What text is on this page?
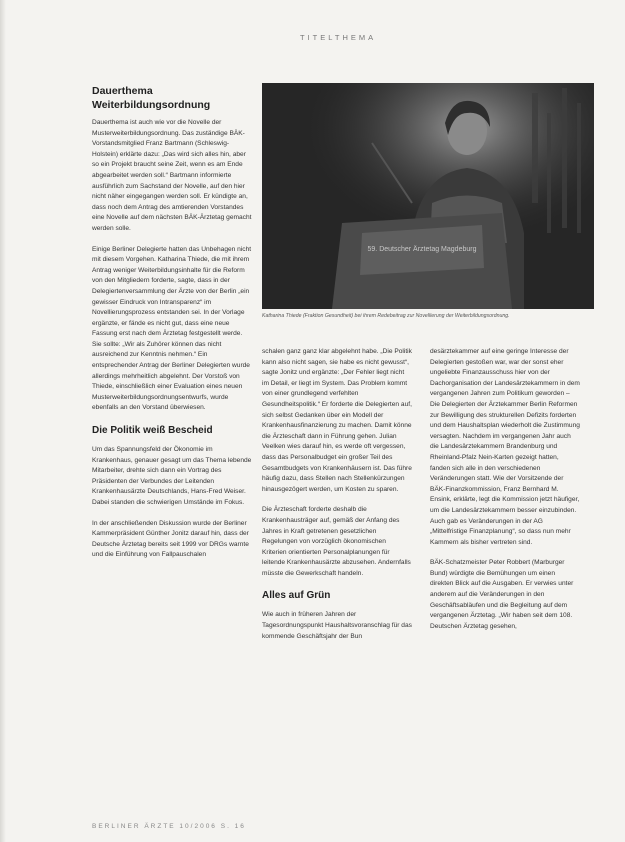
TITELTHEMA
Dauerthema Weiterbildungsordnung

Dauerthema ist auch wie vor die Novelle der Musterweiterbildungsordnung. Das zuständige BÄK-Vorstandsmitglied Franz Bartmann (Schleswig-Holstein) erklärte dazu: „Das wird sich alles hin, aber so ein Projekt braucht seine Zeit, wenn es am Ende abgearbeitet werden soll.“ Bartmann informierte ausführlich zum Sachstand der Novelle, auf den hier nicht näher eingegangen werden soll. Er kündigte an, dass noch dem Antrag des amtierenden Vorstandes eine Novelle auf dem nächsten BÄK-Ärztetag gemacht werden solle.

Einige Berliner Delegierte hatten das Unbehagen nicht mit diesem Vorgehen. Katharina Thiede, die mit ihrem Antrag weniger Weiterbildungsinhalte für die Reform von den Mitgliedern forderte, sagte, dass in der Delegiertenversammlung der Ärzte von der Berlin „ein gewisser Eindruck von Intransparenz“ im Novellierungsprozess entstanden sei. In der Vorlage ergänzte, er fände es nicht gut, dass eine neue Fassung erst nach dem Ärztetag festgestellt werde. Sie sollte: „Wir als Zuhörer können das nicht ausreichend zur Kenntnis nehmen.“ Ein entsprechender Antrag der Berliner Delegierten wurde allerdings mehrheitlich abgelehnt. Der Vorstoß von Thiede, einschließlich einer Evaluation eines neuen Musterweiterbildungsordnungsentwurfs, wurde ebenfalls an den Vorstand überwiesen.

Die Politik weiß Bescheid

Um das Spannungsfeld der Ökonomie im Krankenhaus, genauer gesagt um das Thema lebende Mitarbeiter, drehte sich dann ein Vortrag des Präsidenten der Verbundes der Leitenden Krankenhausärzte Deutschlands, Hans-Fred Weiser. Dabei standen die schwierigen Umstände im Fokus.

In der anschließenden Diskussion wurde der Berliner Kammerpräsident Günther Jonitz darauf hin, dass der Deutsche Ärztetag bereits seit 1999 vor DRGs warnte und die Einführung von Fallpauschalen

59. Deutscher Ärztetag Magdeburg
Katharina Thiede (Fraktion Gesundheit) bei ihrem Redebeitrag zur Novellierung der Weiterbildungsordnung.

schalen ganz ganz klar abgelehnt habe. „Die Politik kann also nicht sagen, sie habe es nicht gewusst“, sagte Jonitz und ergänzte: „Der Fehler liegt nicht im Detail, er liegt im System. Das Problem kommt von einer grundlegend verfehlten Gesundheitspolitik.“ Er forderte die Delegierten auf, sich selbst Gedanken über ein Modell der Krankenhausfinanzierung zu machen. Damit könne die Ärzteschaft dann in Führung gehen. Julian Veelken wies darauf hin, es werde oft vergessen, dass das Personalbudget ein großer Teil des Gesamtbudgets von Krankenhäusern ist. Das führe häufig dazu, dass Stellen nach Stellenkürzungen hinausgezögert werden, um Kosten zu sparen.

Die Ärzteschaft forderte deshalb die Krankenhausträger auf, gemäß der Anfang des Jahres in Kraft getretenen gesetzlichen Regelungen von vorzüglich ökonomischen Kriterien orientierten Personalplanungen für leitende Krankenhausärzte abzusehen. Andernfalls müsste die Gewerkschaft handeln.

Alles auf Grün

Wie auch in früheren Jahren der Tagesordnungspunkt Haushaltsvoranschlag für das kommende Geschäftsjahr der Bun

desärztekammer auf eine geringe Interesse der Delegierten gestoßen war, war der sonst eher ungeliebte Finanzausschuss hier von der Dachorganisation der Landesärztekammern in dem vergangenen Jahren zum Politikum geworden – Die Delegierten der Ärztekammer Berlin Reformen zur Bewilligung des strukturellen Defizits forderten und dem Haushaltsplan wiederholt die Zustimmung versagten. Nachdem im vergangenen Jahr auch die Landesärztekammern Brandenburg und Rheinland-Pfalz Nein-Karten gezeigt hatten, fanden sich alle in den verschiedenen Veränderungen statt. Wie der Vorsitzende der BÄK-Finanzkommission, Franz Bernhard M. Ensink, erklärte, legt die Kommission jetzt häufiger, um die Landesärztekammern besser einzubinden. Auch gab es Veränderungen in der AG „Mittelfristige Finanzplanung“, so dass nun mehr Kammern als bisher vertreten sind.

BÄK-Schatzmeister Peter Robbert (Marburger Bund) würdigte die Bemühungen um einen direkten Blick auf die Ausgaben. Er verwies unter anderem auf die Veränderungen in den Geschäftsabläufen und die Begleitung auf dem vergangenen Ärztetag. „Wir haben seit dem 108. Deutschen Ärztetag gesehen,

BERLINER ÄRZTE 10/2006 S. 16
